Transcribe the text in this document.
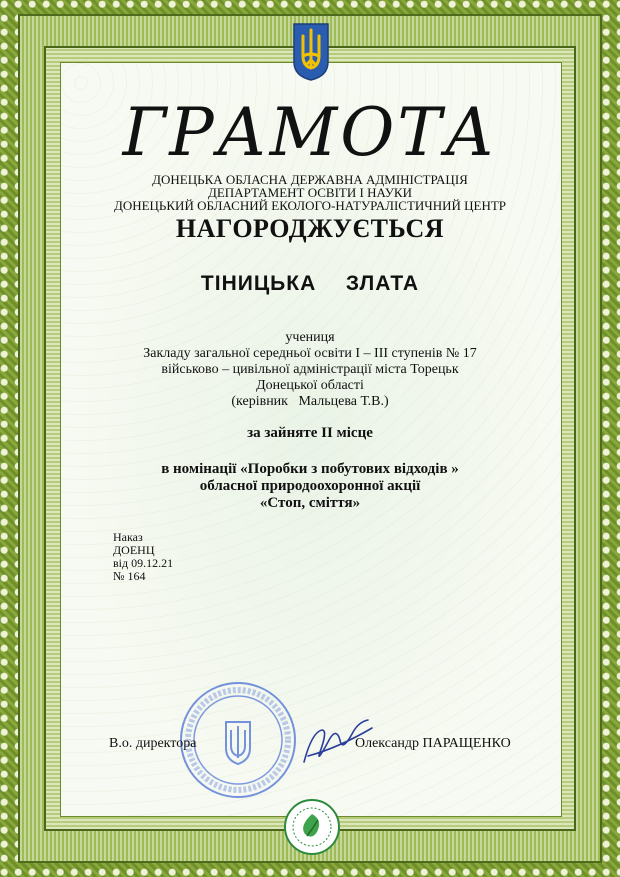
ГРАМОТА
ДОНЕЦЬКА ОБЛАСНА ДЕРЖАВНА АДМІНІСТРАЦІЯ
ДЕПАРТАМЕНТ ОСВІТИ І НАУКИ
ДОНЕЦЬКИЙ ОБЛАСНИЙ ЕКОЛОГО-НАТУРАЛІСТИЧНИЙ ЦЕНТР
НАГОРОДЖУЄТЬСЯ
ТІНИЦЬКА  ЗЛАТА
учениця
Закладу загальної середньої освіти І – ІІІ ступенів № 17
військово – цивільної адміністрації міста Торецьк
Донецької області
(керівник   Мальцева Т.В.)
за зайняте ІІ місце
в номінації «Поробки з побутових відходів »
обласної природоохоронної акції
«Стоп, сміття»
Наказ
ДОЕНЦ
від 09.12.21
№ 164
В.о. директора	Олександр ПАРАЩЕНКО
